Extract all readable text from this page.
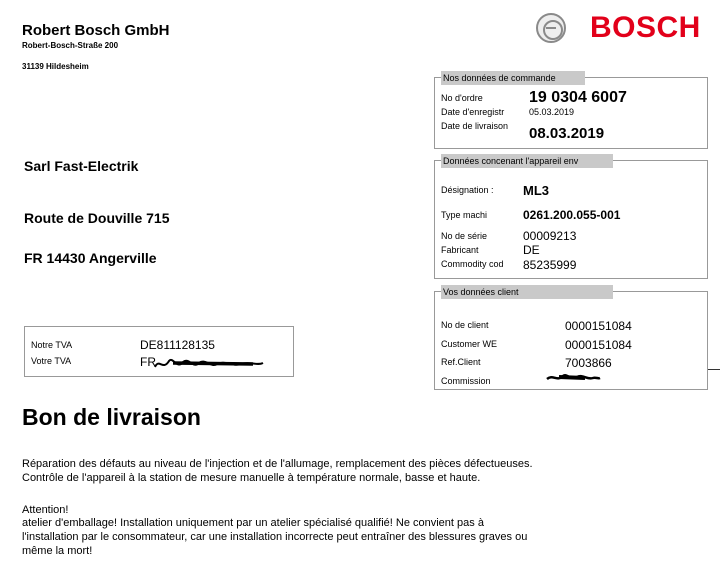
Robert Bosch GmbH
Robert-Bosch-Straße 200
31139 Hildesheim
BOSCH
Sarl Fast-Electrik
Route de Douville 715
FR 14430 Angerville
Nos données de commande
No d'ordre	19 0304 6007
Date d'enregistr	05.03.2019
Date de livraison 08.03.2019
Données concenant l'appareil env
Désignation : ML3
Type machi	0261.200.055-001
No de série	00009213
Fabricant	DE
Commodity cod 85235999
Vos données client
No de client	0000151084
Customer WE	0000151084
Ref.Client	7003866
Commission
Notre TVA	DE811128135
Votre TVA	FR
Bon de livraison
Réparation des défauts au niveau de l'injection et de l'allumage, remplacement des pièces défectueuses.
Contrôle de l'appareil à la station de mesure manuelle à température normale, basse et haute.
Attention!
atelier d'emballage! Installation uniquement par un atelier spécialisé qualifié! Ne convient pas à
l'installation par le consommateur, car une installation incorrecte peut entraîner des blessures graves ou
même la mort!
